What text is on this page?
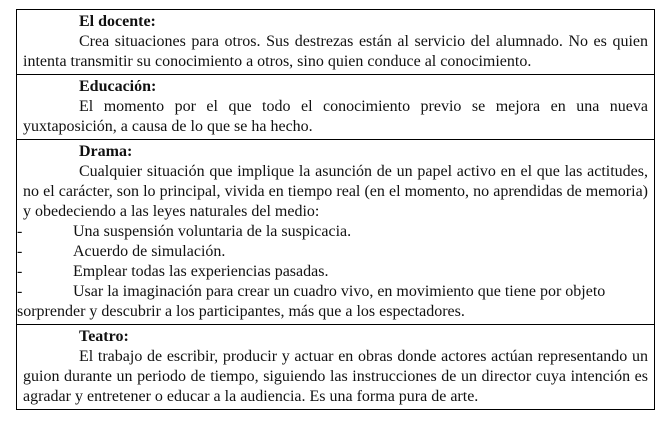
El docente:
Crea situaciones para otros. Sus destrezas están al servicio del alumnado. No es quien intenta transmitir su conocimiento a otros, sino quien conduce al conocimiento.
Educación:
El momento por el que todo el conocimiento previo se mejora en una nueva yuxtaposición, a causa de lo que se ha hecho.
Drama:
Cualquier situación que implique la asunción de un papel activo en el que las actitudes, no el carácter, son lo principal, vivida en tiempo real (en el momento, no aprendidas de memoria) y obedeciendo a las leyes naturales del medio:
-	Una suspensión voluntaria de la suspicacia.
-	Acuerdo de simulación.
-	Emplear todas las experiencias pasadas.
-	Usar la imaginación para crear un cuadro vivo, en movimiento que tiene por objeto
sorprender y descubrir a los participantes, más que a los espectadores.
Teatro:
El trabajo de escribir, producir y actuar en obras donde actores actúan representando un guion durante un periodo de tiempo, siguiendo las instrucciones de un director cuya intención es agradar y entretener o educar a la audiencia. Es una forma pura de arte.
